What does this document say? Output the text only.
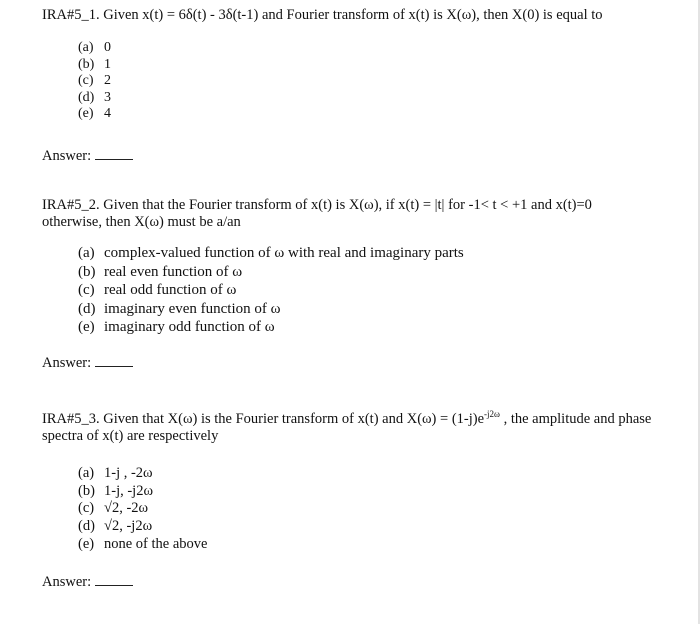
IRA#5_1. Given x(t) = 6δ(t) - 3δ(t-1) and Fourier transform of x(t) is X(ω), then X(0) is equal to

(a) 0
(b) 1
(c) 2
(d) 3
(e) 4
Answer:

IRA#5_2. Given that the Fourier transform of x(t) is X(ω), if x(t) = |t| for -1< t < +1 and x(t)=0 otherwise, then X(ω) must be a/an

(a) complex-valued function of ω with real and imaginary parts
(b) real even function of ω
(c) real odd function of ω
(d) imaginary even function of ω
(e) imaginary odd function of ω
Answer:

IRA#5_3. Given that X(ω) is the Fourier transform of x(t) and $X(\omega) = (1-j)e^{-j2\omega}$ , the amplitude and phase spectra of x(t) are respectively

(a) 1-j , -2ω
(b) 1-j, -j2ω
(c) √2, -2ω
(d) √2, -j2ω
(e) none of the above
Answer:
